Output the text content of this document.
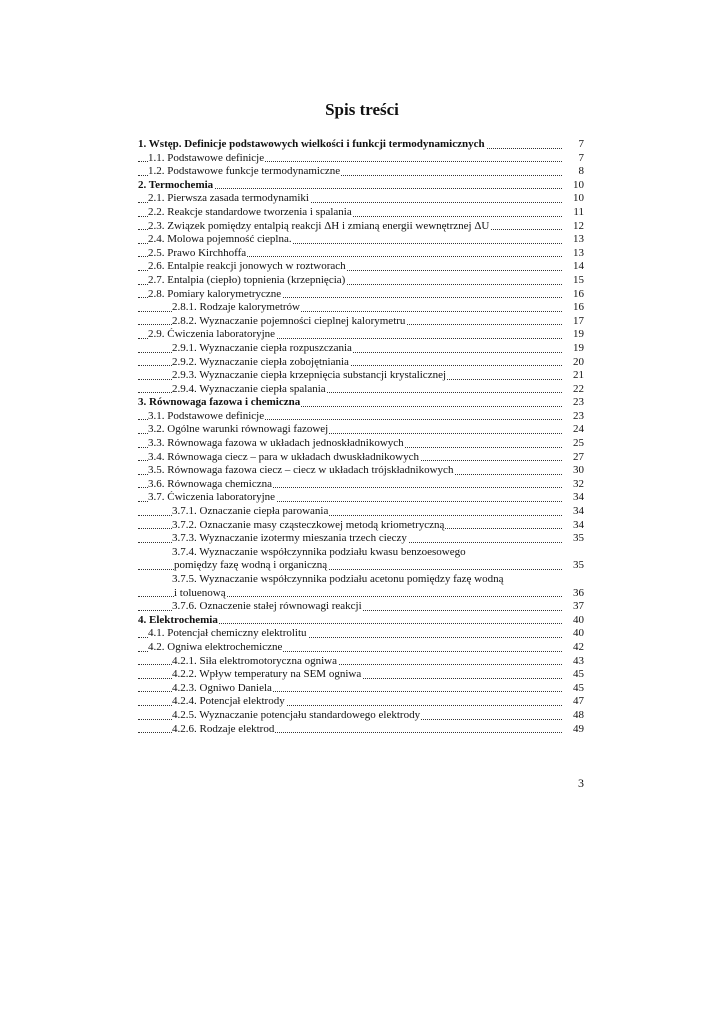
Spis treści
1. Wstęp. Definicje podstawowych wielkości i funkcji termodynamicznych	7
1.1. Podstawowe definicje	7
1.2. Podstawowe funkcje termodynamiczne	8
2. Termochemia	10
2.1. Pierwsza zasada termodynamiki	10
2.2. Reakcje standardowe tworzenia i spalania	11
2.3. Związek pomiędzy entalpią reakcji ΔH i zmianą energii wewnętrznej ΔU	12
2.4. Molowa pojemność cieplna.	13
2.5. Prawo Kirchhoffa	13
2.6. Entalpie reakcji jonowych w roztworach	14
2.7. Entalpia (ciepło) topnienia (krzepnięcia)	15
2.8. Pomiary kalorymetryczne	16
2.8.1. Rodzaje kalorymetrów	16
2.8.2. Wyznaczanie pojemności cieplnej kalorymetru	17
2.9. Ćwiczenia laboratoryjne	19
2.9.1. Wyznaczanie ciepła rozpuszczania	19
2.9.2. Wyznaczanie ciepła zobojętniania	20
2.9.3. Wyznaczanie ciepła krzepnięcia substancji krystalicznej	21
2.9.4. Wyznaczanie ciepła spalania	22
3. Równowaga fazowa i chemiczna	23
3.1. Podstawowe definicje	23
3.2. Ogólne warunki równowagi fazowej	24
3.3. Równowaga fazowa w układach jednoskładnikowych	25
3.4. Równowaga ciecz – para w układach dwuskładnikowych	27
3.5. Równowaga fazowa ciecz – ciecz w układach trójskładnikowych	30
3.6. Równowaga chemiczna	32
3.7. Ćwiczenia laboratoryjne	34
3.7.1. Oznaczanie ciepła parowania	34
3.7.2. Oznaczanie masy cząsteczkowej metodą kriometryczną	34
3.7.3. Wyznaczanie izotermy mieszania trzech cieczy	35
3.7.4. Wyznaczanie współczynnika podziału kwasu benzoesowego
pomiędzy fazę wodną i organiczną	35
3.7.5. Wyznaczanie współczynnika podziału acetonu pomiędzy fazę wodną
i toluenową	36
3.7.6. Oznaczenie stałej równowagi reakcji	37
4. Elektrochemia	40
4.1. Potencjał chemiczny elektrolitu	40
4.2. Ogniwa elektrochemiczne	42
4.2.1. Siła elektromotoryczna ogniwa	43
4.2.2. Wpływ temperatury na SEM ogniwa	45
4.2.3. Ogniwo Daniela	45
4.2.4. Potencjał elektrody	47
4.2.5. Wyznaczanie potencjału standardowego elektrody	48
4.2.6. Rodzaje elektrod	49
3
